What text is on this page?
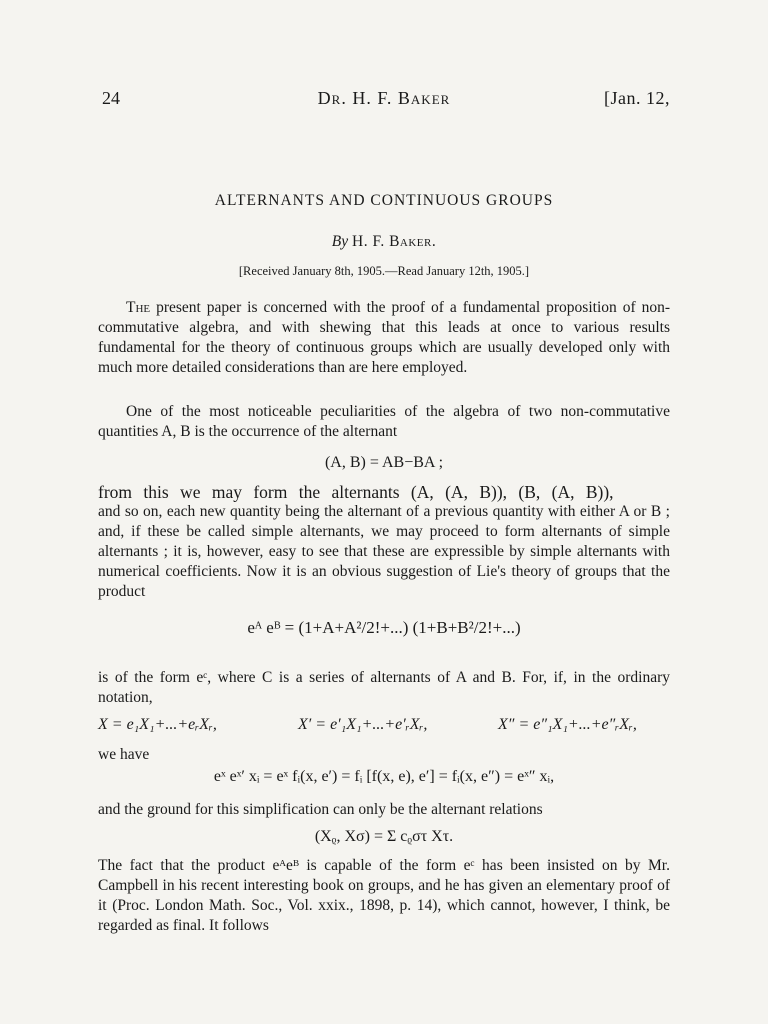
24	Dr. H. F. Baker	[Jan. 12,
ALTERNANTS AND CONTINUOUS GROUPS
By H. F. Baker.
[Received January 8th, 1905.—Read January 12th, 1905.]
The present paper is concerned with the proof of a fundamental proposition of non-commutative algebra, and with shewing that this leads at once to various results fundamental for the theory of continuous groups which are usually developed only with much more detailed considerations than are here employed.
One of the most noticeable peculiarities of the algebra of two non-commutative quantities A, B is the occurrence of the alternant
(A, B) = AB−BA ;
from this we may form the alternants (A, (A, B)), (B, (A, B)),
and so on, each new quantity being the alternant of a previous quantity with either A or B ; and, if these be called simple alternants, we may proceed to form alternants of simple alternants ; it is, however, easy to see that these are expressible by simple alternants with numerical coefficients. Now it is an obvious suggestion of Lie's theory of groups that the product
eᴬ eᴮ = (1+A+A²/2!+...) (1+B+B²/2!+...)
is of the form eᶜ, where C is a series of alternants of A and B. For, if, in the ordinary notation,
X = e₁X₁+...+eᵣXᵣ,	X′ = e′₁X₁+...+e′ᵣXᵣ,	X″ = e″₁X₁+...+e″ᵣXᵣ,
we have
eˣ eˣ′ xᵢ = eˣ fᵢ(x, e′) = fᵢ [f(x, e), e′] = fᵢ(x, e″) = eˣ″ xᵢ,
and the ground for this simplification can only be the alternant relations
(Xᵨ, Xσ) = Σ cᵨστ Xτ.
The fact that the product eᴬeᴮ is capable of the form eᶜ has been insisted on by Mr. Campbell in his recent interesting book on groups, and he has given an elementary proof of it (Proc. London Math. Soc., Vol. xxix., 1898, p. 14), which cannot, however, I think, be regarded as final. It follows
